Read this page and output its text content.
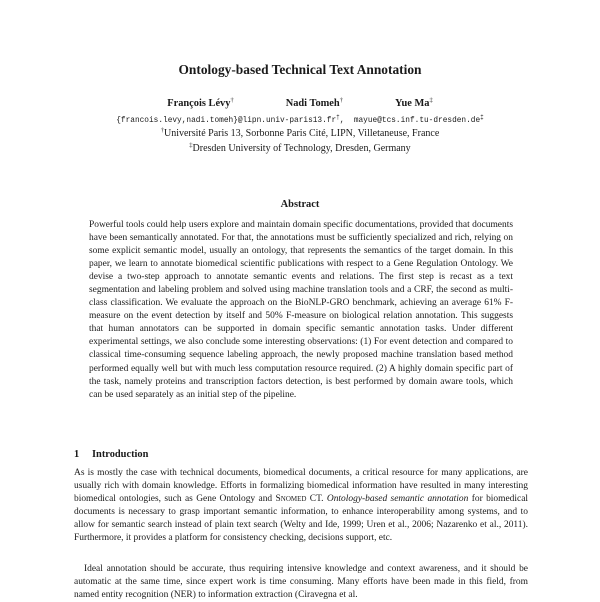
Ontology-based Technical Text Annotation
François Lévy†	Nadi Tomeh†	Yue Ma‡
{francois.levy,nadi.tomeh}@lipn.univ-paris13.fr†,  mayue@tcs.inf.tu-dresden.de‡
†Université Paris 13, Sorbonne Paris Cité, LIPN, Villetaneuse, France
‡Dresden University of Technology, Dresden, Germany
Abstract

Powerful tools could help users explore and maintain domain specific documentations, provided that documents have been semantically annotated. For that, the annotations must be sufficiently specialized and rich, relying on some explicit semantic model, usually an ontology, that represents the semantics of the target domain. In this paper, we learn to annotate biomedical scientific publications with respect to a Gene Regulation Ontology. We devise a two-step approach to annotate semantic events and relations. The first step is recast as a text segmentation and labeling problem and solved using machine translation tools and a CRF, the second as multi-class classification. We evaluate the approach on the BioNLP-GRO benchmark, achieving an average 61% F-measure on the event detection by itself and 50% F-measure on biological relation annotation. This suggests that human annotators can be supported in domain specific semantic annotation tasks. Under different experimental settings, we also conclude some interesting observations: (1) For event detection and compared to classical time-consuming sequence labeling approach, the newly proposed machine translation based method performed equally well but with much less computation resource required. (2) A highly domain specific part of the task, namely proteins and transcription factors detection, is best performed by domain aware tools, which can be used separately as an initial step of the pipeline.

1 Introduction

As is mostly the case with technical documents, biomedical documents, a critical resource for many applications, are usually rich with domain knowledge. Efforts in formalizing biomedical information have resulted in many interesting biomedical ontologies, such as Gene Ontology and Snomed CT. Ontology-based semantic annotation for biomedical documents is necessary to grasp important semantic information, to enhance interoperability among systems, and to allow for semantic search instead of plain text search (Welty and Ide, 1999; Uren et al., 2006; Nazarenko et al., 2011). Furthermore, it provides a platform for consistency checking, decisions support, etc.

Ideal annotation should be accurate, thus requiring intensive knowledge and context awareness, and it should be automatic at the same time, since expert work is time consuming. Many efforts have been made in this field, from named entity recognition (NER) to information extraction (Ciravegna et al.
